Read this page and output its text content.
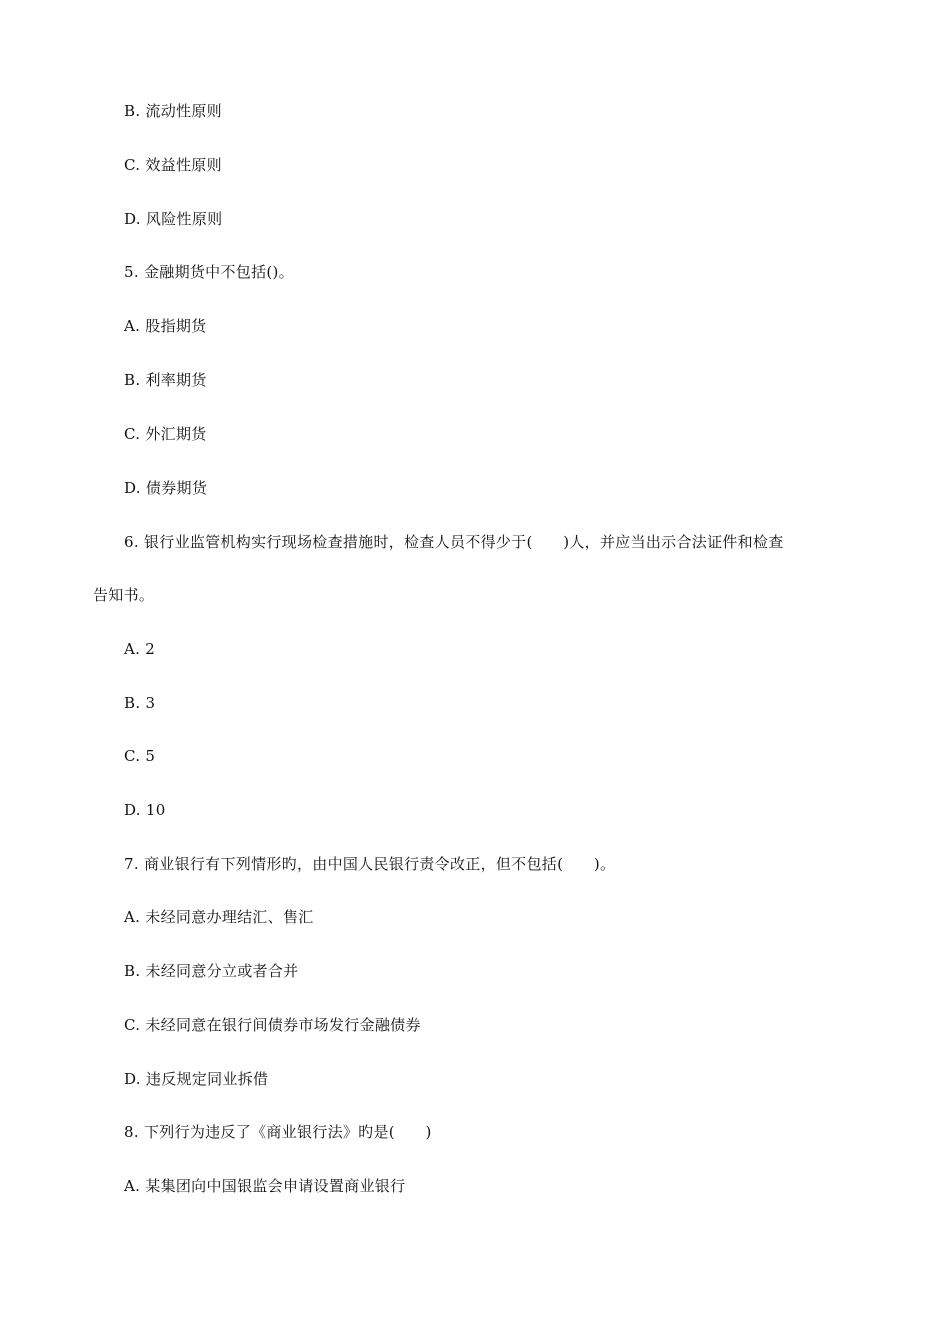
B. 流动性原则
C. 效益性原则
D. 风险性原则
5. 金融期货中不包括()。
A. 股指期货
B. 利率期货
C. 外汇期货
D. 债券期货
6. 银行业监管机构实行现场检查措施时，检查人员不得少于(　　)人，并应当出示合法证件和检查
告知书。
A. 2
B. 3
C. 5
D. 10
7. 商业银行有下列情形旳，由中国人民银行责令改正，但不包括(　　)。
A. 未经同意办理结汇、售汇
B. 未经同意分立或者合并
C. 未经同意在银行间债券市场发行金融债券
D. 违反规定同业拆借
8. 下列行为违反了《商业银行法》旳是(　　)
A. 某集团向中国银监会申请设置商业银行
